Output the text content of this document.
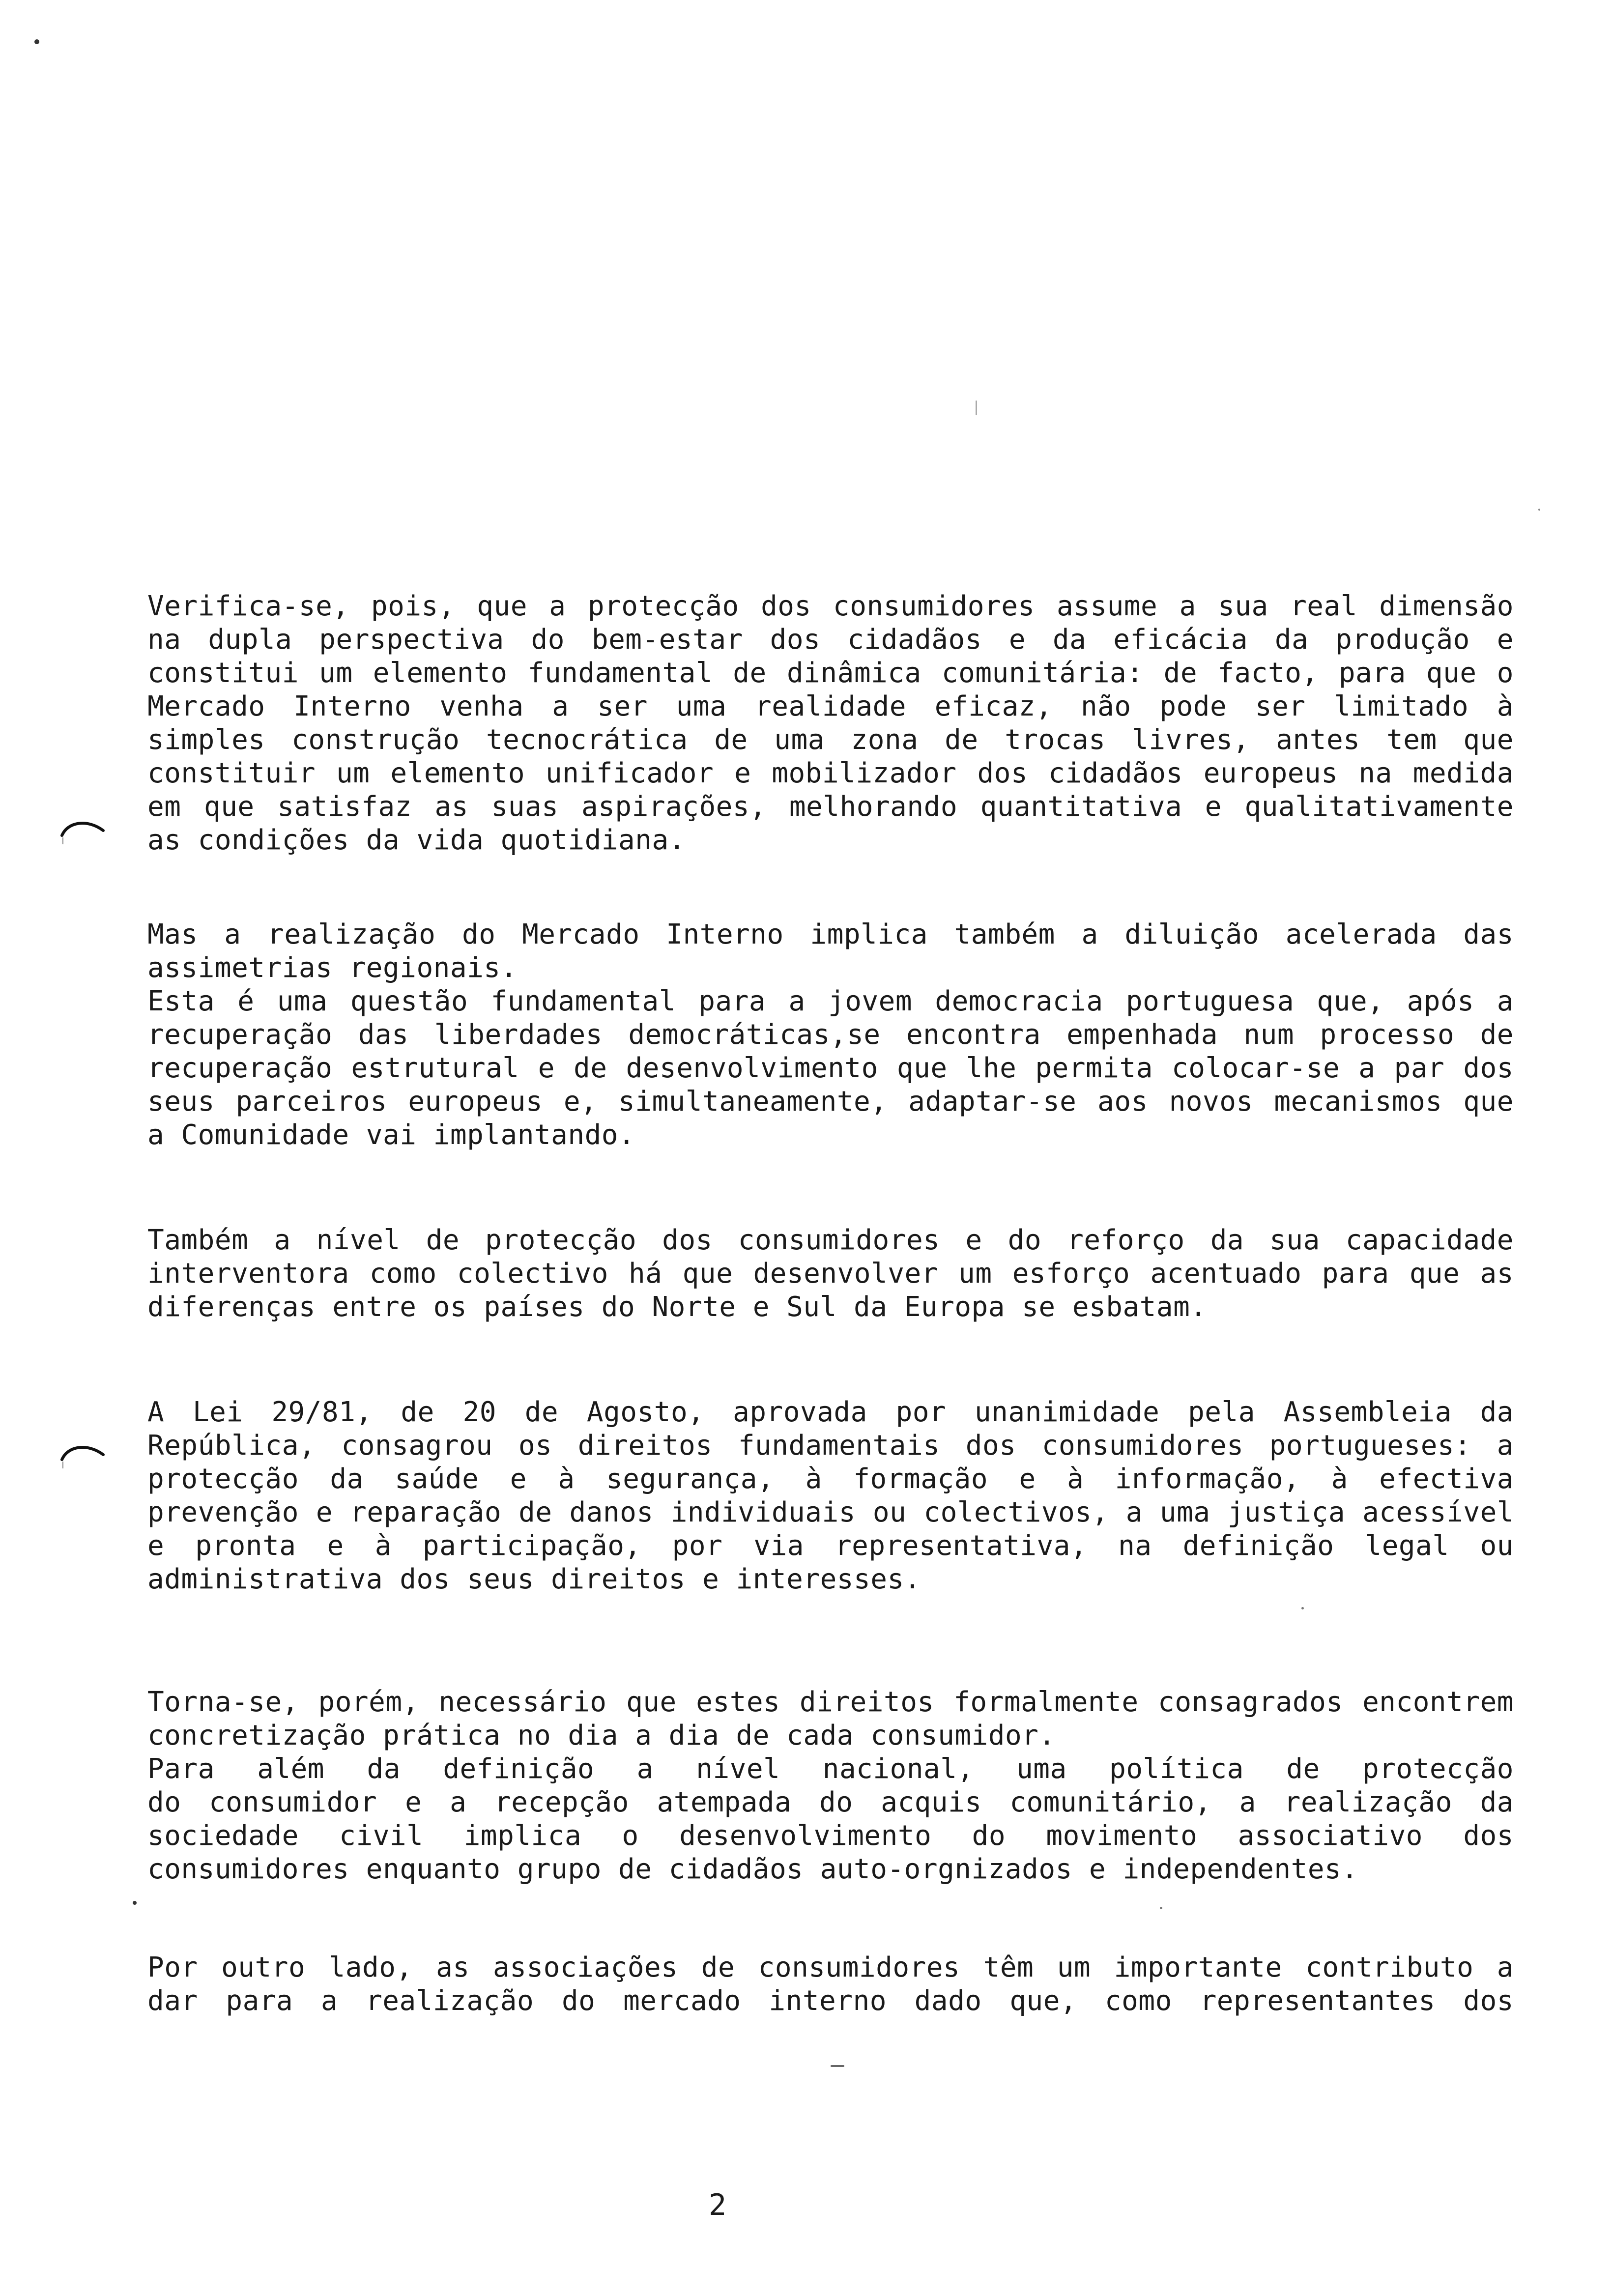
Verifica-se, pois, que a protecção dos consumidores assume a sua real dimensão
na dupla perspectiva do bem-estar dos cidadãos e da eficácia da produção e
constitui um elemento fundamental de dinâmica comunitária: de facto, para que o
Mercado Interno venha a ser uma realidade eficaz, não pode ser limitado à
simples construção tecnocrática de uma zona de trocas livres, antes tem que
constituir um elemento unificador e mobilizador dos cidadãos europeus na medida
em que satisfaz as suas aspirações, melhorando quantitativa e qualitativamente
as condições da vida quotidiana.
Mas a realização do Mercado Interno implica também a diluição acelerada das
assimetrias regionais.
Esta é uma questão fundamental para a jovem democracia portuguesa que, após a
recuperação das liberdades democráticas,se encontra empenhada num processo de
recuperação estrutural e de desenvolvimento que lhe permita colocar-se a par dos
seus parceiros europeus e, simultaneamente, adaptar-se aos novos mecanismos que
a Comunidade vai implantando.
Também a nível de protecção dos consumidores e do reforço da sua capacidade
interventora como colectivo há que desenvolver um esforço acentuado para que as
diferenças entre os países do Norte e Sul da Europa se esbatam.
A Lei 29/81, de 20 de Agosto, aprovada por unanimidade pela Assembleia da
República, consagrou os direitos fundamentais dos consumidores portugueses: a
protecção da saúde e à segurança, à formação e à informação, à efectiva
prevenção e reparação de danos individuais ou colectivos, a uma justiça acessível
e pronta e à participação, por via representativa, na definição legal ou
administrativa dos seus direitos e interesses.
Torna-se, porém, necessário que estes direitos formalmente consagrados encontrem
concretização prática no dia a dia de cada consumidor.
Para além da definição a nível nacional, uma política de protecção
do consumidor e a recepção atempada do acquis comunitário, a realização da
sociedade civil implica o desenvolvimento do movimento associativo dos
consumidores enquanto grupo de cidadãos auto-orgnizados e independentes.
Por outro lado, as associações de consumidores têm um importante contributo a
dar para a realização do mercado interno dado que, como representantes dos
2
